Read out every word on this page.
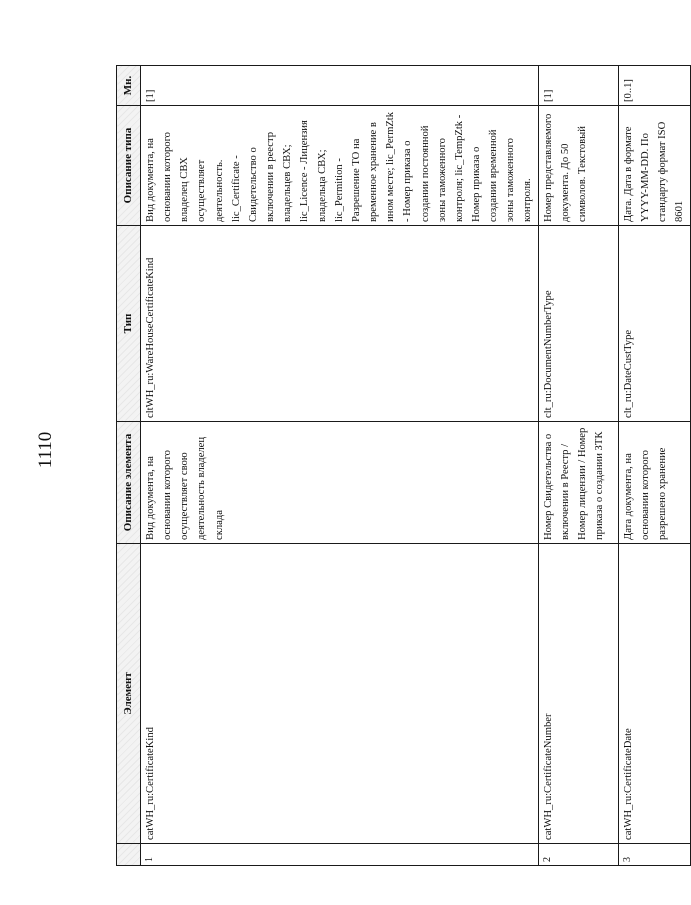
1110
	Элемент	Описание элемента	Тип	Описание типа	Мн.
1	catWH_ru:CertificateKind	Вид документа, на основании которого осуществляет свою деятельность владелец склада	cltWH_ru:WareHouseCertificateKind	Вид документа, на основании которого владелец СВХ осуществляет деятельность. lic_Certificate - Свидетельство о включении в реестр владельцев СВХ; lic_Licence - Лицензия владельца СВХ; lic_Permition - Разрешение ТО на временное хранение в ином месте; lic_PermZtk - Номер приказа о создании постоянной зоны таможенного контроля; lic_TempZtk - Номер приказа о создании временной зоны таможенного контроля.	[1]
2	catWH_ru:CertificateNumber	Номер Свидетельства о включении в Реестр / Номер лицензии / Номер приказа о создании ЗТК	clt_ru:DocumentNumberType	Номер представляемого документа. До 50 символов. Текстовый	[1]
3	catWH_ru:CertificateDate	Дата документа, на основании которого разрешено хранение	clt_ru:DateCustType	Дата. Дата в формате YYYY-MM-DD. По стандарту формат ISO 8601	[0..1]
